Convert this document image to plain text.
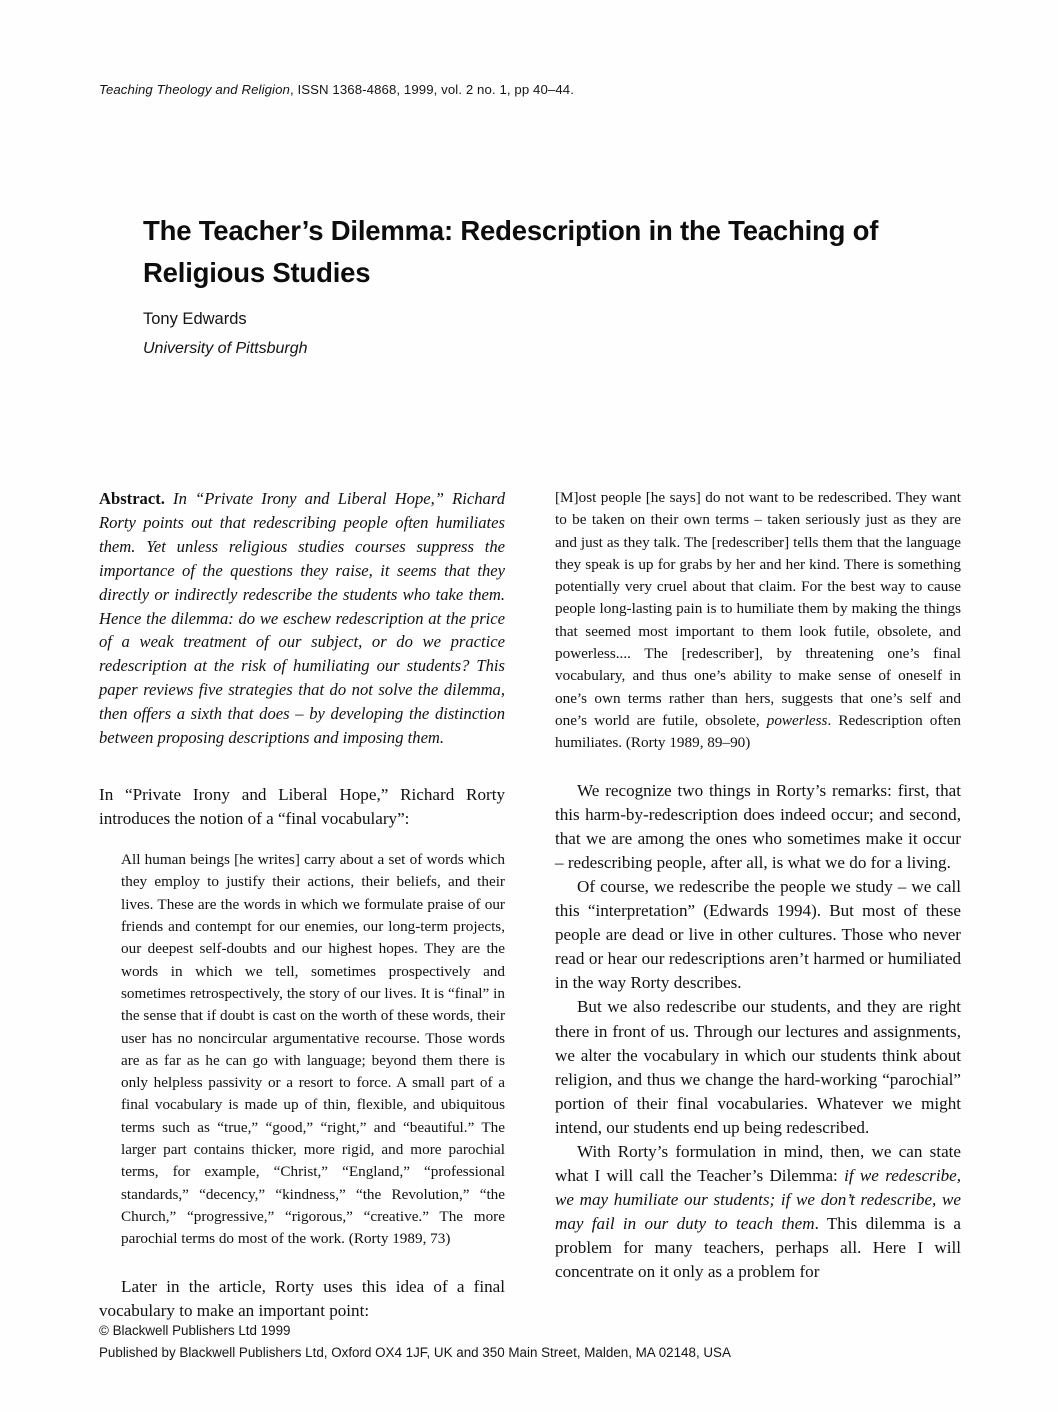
Teaching Theology and Religion, ISSN 1368-4868, 1999, vol. 2 no. 1, pp 40–44.
The Teacher’s Dilemma: Redescription in the Teaching of Religious Studies
Tony Edwards
University of Pittsburgh

Abstract. In “Private Irony and Liberal Hope,” Richard Rorty points out that redescribing people often humiliates them. Yet unless religious studies courses suppress the importance of the questions they raise, it seems that they directly or indirectly redescribe the students who take them. Hence the dilemma: do we eschew redescription at the price of a weak treatment of our subject, or do we practice redescription at the risk of humiliating our students? This paper reviews five strategies that do not solve the dilemma, then offers a sixth that does – by developing the distinction between proposing descriptions and imposing them.

In “Private Irony and Liberal Hope,” Richard Rorty introduces the notion of a “final vocabulary”:

All human beings [he writes] carry about a set of words which they employ to justify their actions, their beliefs, and their lives. These are the words in which we formulate praise of our friends and contempt for our enemies, our long-term projects, our deepest self-doubts and our highest hopes. They are the words in which we tell, sometimes prospectively and sometimes retrospectively, the story of our lives. It is “final” in the sense that if doubt is cast on the worth of these words, their user has no noncircular argumentative recourse. Those words are as far as he can go with language; beyond them there is only helpless passivity or a resort to force. A small part of a final vocabulary is made up of thin, flexible, and ubiquitous terms such as “true,” “good,” “right,” and “beautiful.” The larger part contains thicker, more rigid, and more parochial terms, for example, “Christ,” “England,” “professional standards,” “decency,” “kindness,” “the Revolution,” “the Church,” “progressive,” “rigorous,” “creative.” The more parochial terms do most of the work. (Rorty 1989, 73)

Later in the article, Rorty uses this idea of a final vocabulary to make an important point:

[M]ost people [he says] do not want to be redescribed. They want to be taken on their own terms – taken seriously just as they are and just as they talk. The [redescriber] tells them that the language they speak is up for grabs by her and her kind. There is something potentially very cruel about that claim. For the best way to cause people long-lasting pain is to humiliate them by making the things that seemed most important to them look futile, obsolete, and powerless.... The [redescriber], by threatening one’s final vocabulary, and thus one’s ability to make sense of oneself in one’s own terms rather than hers, suggests that one’s self and one’s world are futile, obsolete, powerless. Redescription often humiliates. (Rorty 1989, 89–90)

We recognize two things in Rorty’s remarks: first, that this harm-by-redescription does indeed occur; and second, that we are among the ones who sometimes make it occur – redescribing people, after all, is what we do for a living.

Of course, we redescribe the people we study – we call this “interpretation” (Edwards 1994). But most of these people are dead or live in other cultures. Those who never read or hear our redescriptions aren’t harmed or humiliated in the way Rorty describes.

But we also redescribe our students, and they are right there in front of us. Through our lectures and assignments, we alter the vocabulary in which our students think about religion, and thus we change the hard-working “parochial” portion of their final vocabularies. Whatever we might intend, our students end up being redescribed.

With Rorty’s formulation in mind, then, we can state what I will call the Teacher’s Dilemma: if we redescribe, we may humiliate our students; if we don’t redescribe, we may fail in our duty to teach them. This dilemma is a problem for many teachers, perhaps all. Here I will concentrate on it only as a problem for

© Blackwell Publishers Ltd 1999
Published by Blackwell Publishers Ltd, Oxford OX4 1JF, UK and 350 Main Street, Malden, MA 02148, USA
